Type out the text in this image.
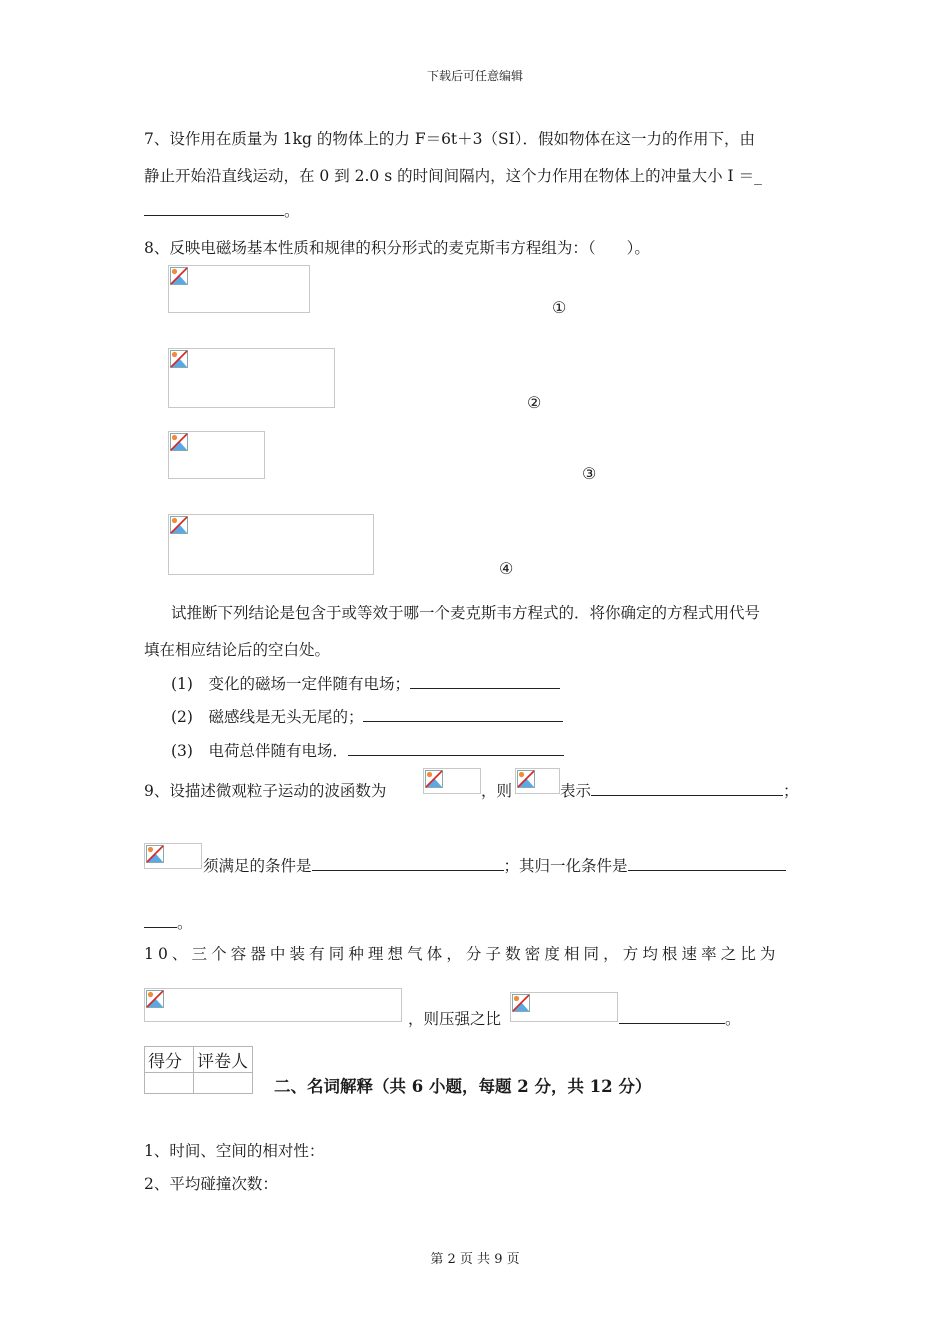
下载后可任意编辑
7、设作用在质量为 1kg 的物体上的力 F＝6t＋3（SI）．假如物体在这一力的作用下，由
静止开始沿直线运动，在 0 到 2.0 s 的时间间隔内，这个力作用在物体上的冲量大小 I ＝_
。
8、反映电磁场基本性质和规律的积分形式的麦克斯韦方程组为：（　　）。
①
②
③
④
试推断下列结论是包含于或等效于哪一个麦克斯韦方程式的．将你确定的方程式用代号
填在相应结论后的空白处。
(1)　变化的磁场一定伴随有电场；
(2)　磁感线是无头无尾的；
(3)　电荷总伴随有电场．
9、设描述微观粒子运动的波函数为	，则	表示	；
须满足的条件是	；其归一化条件是
。
10、三个容器中装有同种理想气体，分子数密度相同，方均根速率之比为
，则压强之比	。
得分	评卷人

二、名词解释（共 6 小题，每题 2 分，共 12 分）
1、时间、空间的相对性：
2、平均碰撞次数：
第 2 页 共 9 页
